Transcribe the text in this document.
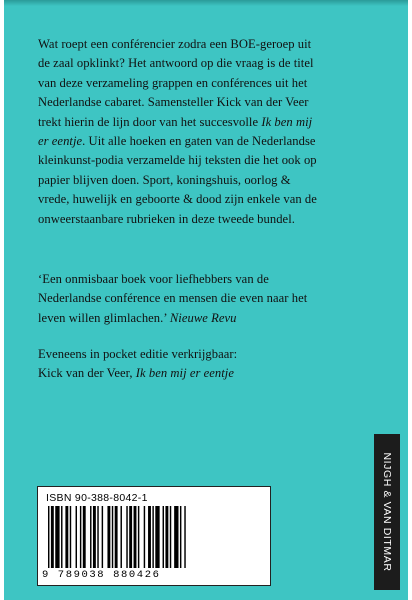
Wat roept een conférencier zodra een BOE-geroep uit
de zaal opklinkt? Het antwoord op die vraag is de titel
van deze verzameling grappen en conférences uit het
Nederlandse cabaret. Samensteller Kick van der Veer
trekt hierin de lijn door van het succesvolle Ik ben mij
er eentje. Uit alle hoeken en gaten van de Nederlandse
kleinkunst-podia verzamelde hij teksten die het ook op
papier blijven doen. Sport, koningshuis, oorlog &
vrede, huwelijk en geboorte & dood zijn enkele van de
onweerstaanbare rubrieken in deze tweede bundel.
‘Een onmisbaar boek voor liefhebbers van de
Nederlandse conférence en mensen die even naar het
leven willen glimlachen.’ Nieuwe Revu
Eveneens in pocket editie verkrijgbaar:
Kick van der Veer, Ik ben mij er eentje
ISBN 90-388-8042-1
9 789038 880426
NIJGH & VAN DITMAR
